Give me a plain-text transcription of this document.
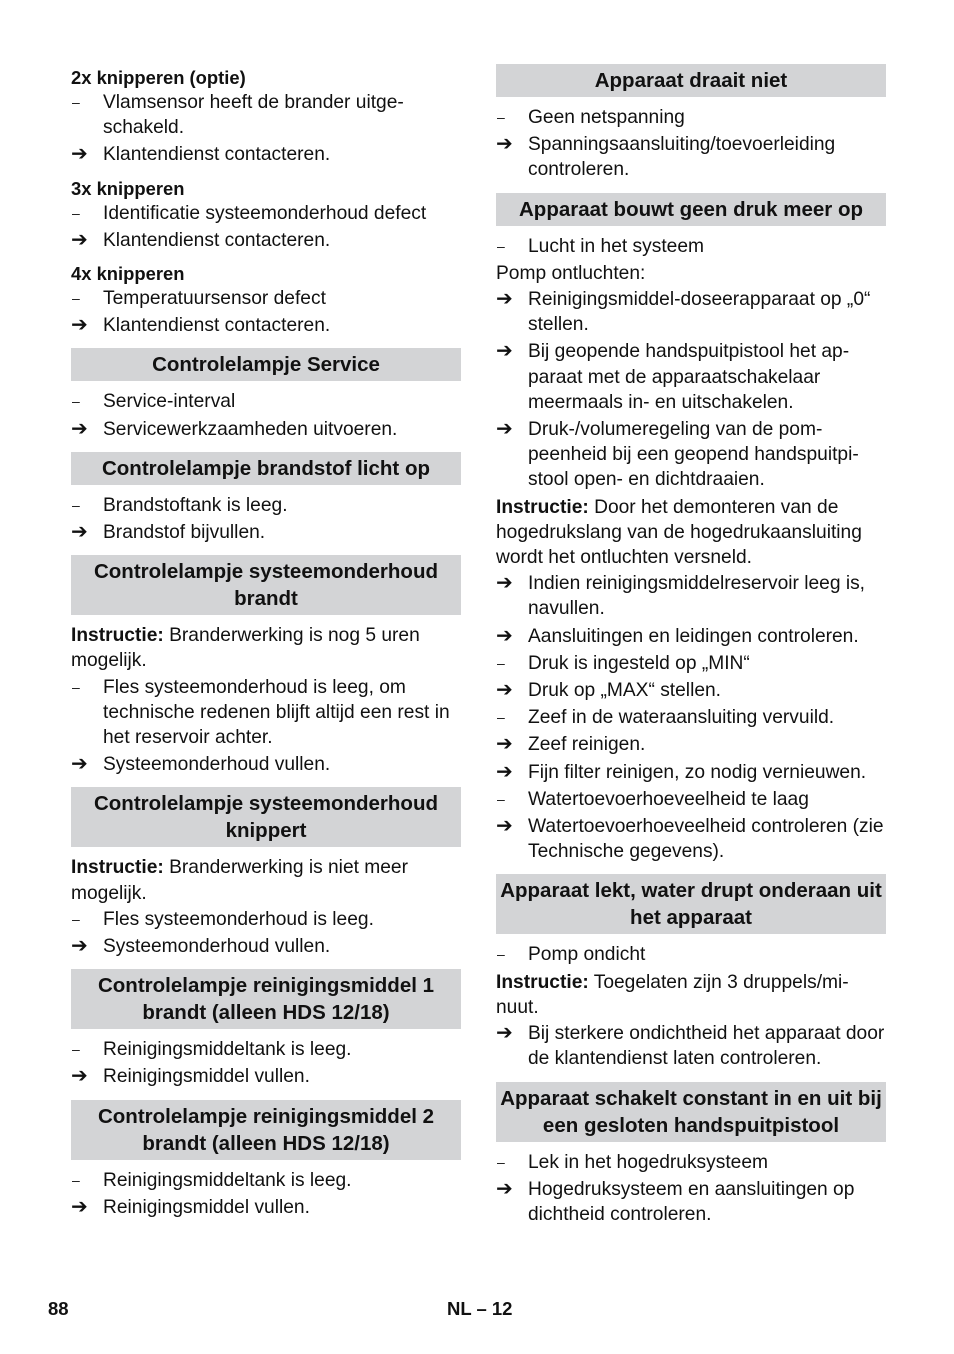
2x knipperen (optie)
–	Vlamsensor heeft de brander uitge-schakeld.
➔ Klantendienst contacteren.
3x knipperen
–	Identificatie systeemonderhoud defect
➔ Klantendienst contacteren.
4x knipperen
–	Temperatuursensor defect
➔ Klantendienst contacteren.
Controlelampje Service
–	Service-interval
➔ Servicewerkzaamheden uitvoeren.
Controlelampje brandstof licht op
–	Brandstoftank is leeg.
➔ Brandstof bijvullen.
Controlelampje systeemonderhoud brandt
Instructie: Branderwerking is nog 5 uren mogelijk.
–	Fles systeemonderhoud is leeg, om technische redenen blijft altijd een rest in het reservoir achter.
➔ Systeemonderhoud vullen.
Controlelampje systeemonderhoud knippert
Instructie: Branderwerking is niet meer mogelijk.
–	Fles systeemonderhoud is leeg.
➔ Systeemonderhoud vullen.
Controlelampje reinigingsmiddel 1 brandt (alleen HDS 12/18)
–	Reinigingsmiddeltank is leeg.
➔ Reinigingsmiddel vullen.
Controlelampje reinigingsmiddel 2 brandt (alleen HDS 12/18)
–	Reinigingsmiddeltank is leeg.
➔ Reinigingsmiddel vullen.
Apparaat draait niet
–	Geen netspanning
➔ Spanningsaansluiting/toevoerleiding controleren.
Apparaat bouwt geen druk meer op
–	Lucht in het systeem
Pomp ontluchten:
➔ Reinigingsmiddel-doseerapparaat op „0“ stellen.
➔ Bij geopende handspuitpistool het ap-paraat met de apparaatschakelaar meermaals in- en uitschakelen.
➔ Druk-/volumeregeling van de pom-peenheid bij een geopend handspuitpi-stool open- en dichtdraaien.
Instructie: Door het demonteren van de hogedrukslang van de hogedrukaansluiting wordt het ontluchten versneld.
➔ Indien reinigingsmiddelreservoir leeg is, navullen.
➔ Aansluitingen en leidingen controleren.
–	Druk is ingesteld op „MIN“
➔ Druk op „MAX“ stellen.
–	Zeef in de wateraansluiting vervuild.
➔ Zeef reinigen.
➔ Fijn filter reinigen, zo nodig vernieuwen.
–	Watertoevoerhoeveelheid te laag
➔ Watertoevoerhoeveelheid controleren (zie Technische gegevens).
Apparaat lekt, water drupt onderaan uit het apparaat
–	Pomp ondicht
Instructie: Toegelaten zijn 3 druppels/mi-nuut.
➔ Bij sterkere ondichtheid het apparaat door de klantendienst laten controleren.
Apparaat schakelt constant in en uit bij een gesloten handspuitpistool
–	Lek in het hogedruksysteem
➔ Hogedruksysteem en aansluitingen op dichtheid controleren.
88	NL – 12
